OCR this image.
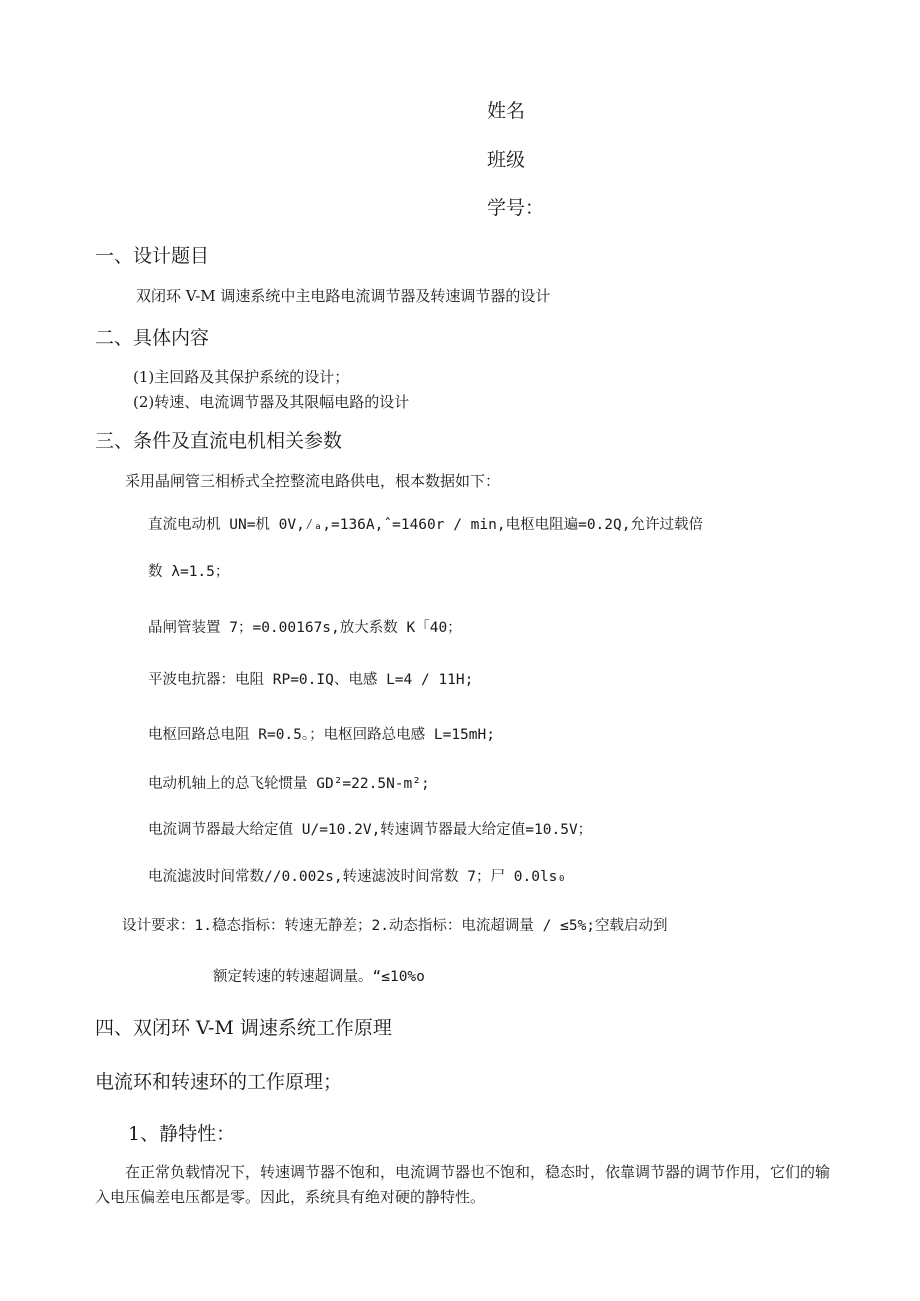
姓名
班级
学号：
一、设计题目
双闭环 V-M 调速系统中主电路电流调节器及转速调节器的设计
二、具体内容
(1)主回路及其保护系统的设计；
(2)转速、电流调节器及其限幅电路的设计
三、条件及直流电机相关参数
采用晶闸管三相桥式全控整流电路供电，根本数据如下：
直流电动机 UN=机 0V,⁄ₐ,=136A,ˆ=1460r / min,电枢电阻遍=0.2Q,允许过载倍
数 λ=1.5；
晶闸管装置 7；=0.00167s,放大系数 K「40；
平波电抗器：电阻 RP=0.IQ、电感 L=4 / 11H;
电枢回路总电阻 R=0.5。；电枢回路总电感 L=15mH;
电动机轴上的总飞轮惯量 GD²=22.5N-m²;
电流调节器最大给定值 U/=10.2V,转速调节器最大给定值=10.5V；
电流滤波时间常数//0.002s,转速滤波时间常数 7；尸 0.0ls₀
设计要求：1.稳态指标：转速无静差；2.动态指标：电流超调量 / ≤5%;空载启动到
额定转速的转速超调量。“≤10%o
四、双闭环 V-M 调速系统工作原理
电流环和转速环的工作原理；
1、静特性：
在正常负载情况下，转速调节器不饱和，电流调节器也不饱和，稳态时，依靠调节器的调节作用，它们的输入电压偏差电压都是零。因此，系统具有绝对硬的静特性。
